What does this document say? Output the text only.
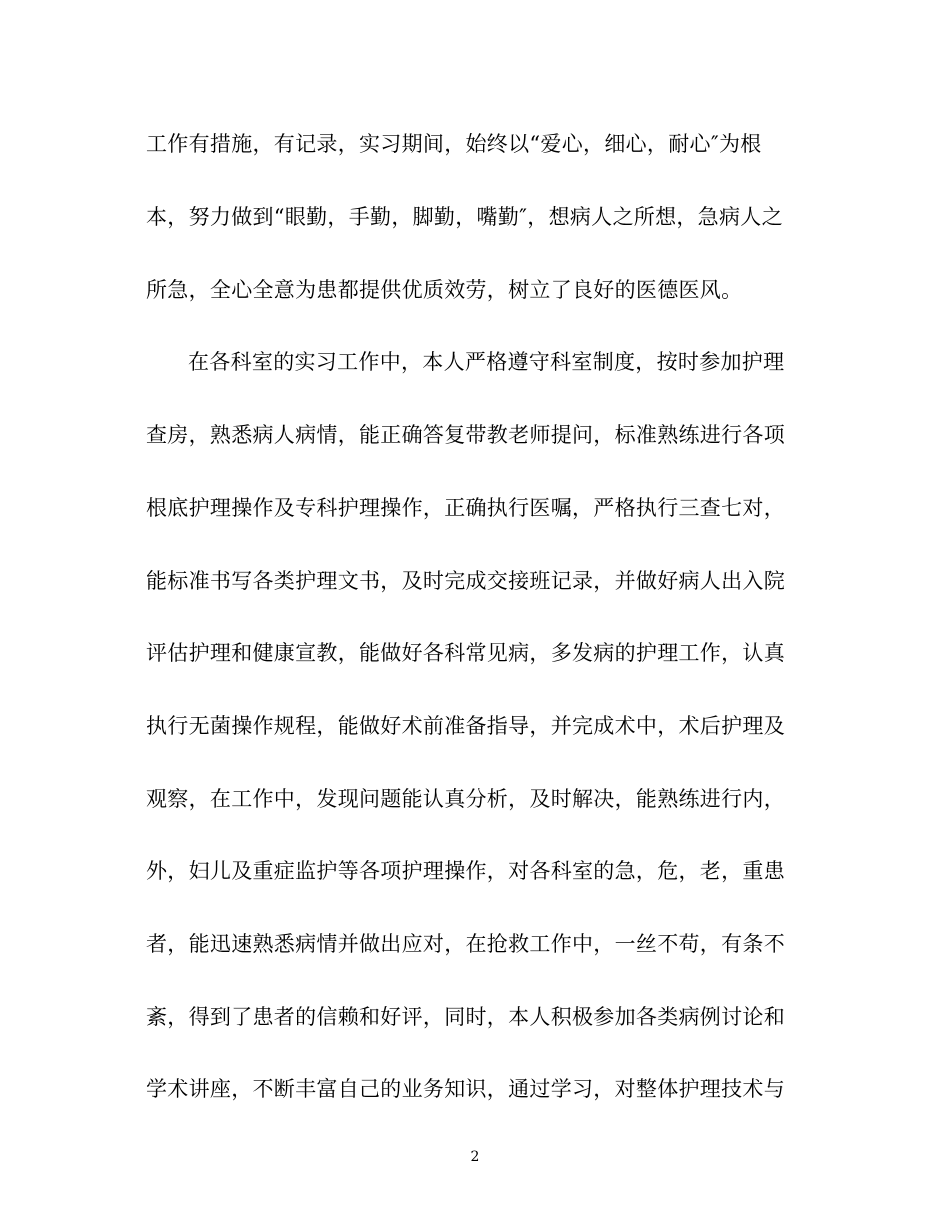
工作有措施，有记录，实习期间，始终以“爱心，细心，耐心″为根
本，努力做到“眼勤，手勤，脚勤，嘴勤″，想病人之所想，急病人之
所急，全心全意为患都提供优质效劳，树立了良好的医德医风。
在各科室的实习工作中，本人严格遵守科室制度，按时参加护理
查房，熟悉病人病情，能正确答复带教老师提问，标准熟练进行各项
根底护理操作及专科护理操作，正确执行医嘱，严格执行三查七对，
能标准书写各类护理文书，及时完成交接班记录，并做好病人出入院
评估护理和健康宣教，能做好各科常见病，多发病的护理工作，认真
执行无菌操作规程，能做好术前准备指导，并完成术中，术后护理及
观察，在工作中，发现问题能认真分析，及时解决，能熟练进行内，
外，妇儿及重症监护等各项护理操作，对各科室的急，危，老，重患
者，能迅速熟悉病情并做出应对，在抢救工作中，一丝不苟，有条不
紊，得到了患者的信赖和好评，同时，本人积极参加各类病例讨论和
学术讲座，不断丰富自己的业务知识，通过学习，对整体护理技术与
2
